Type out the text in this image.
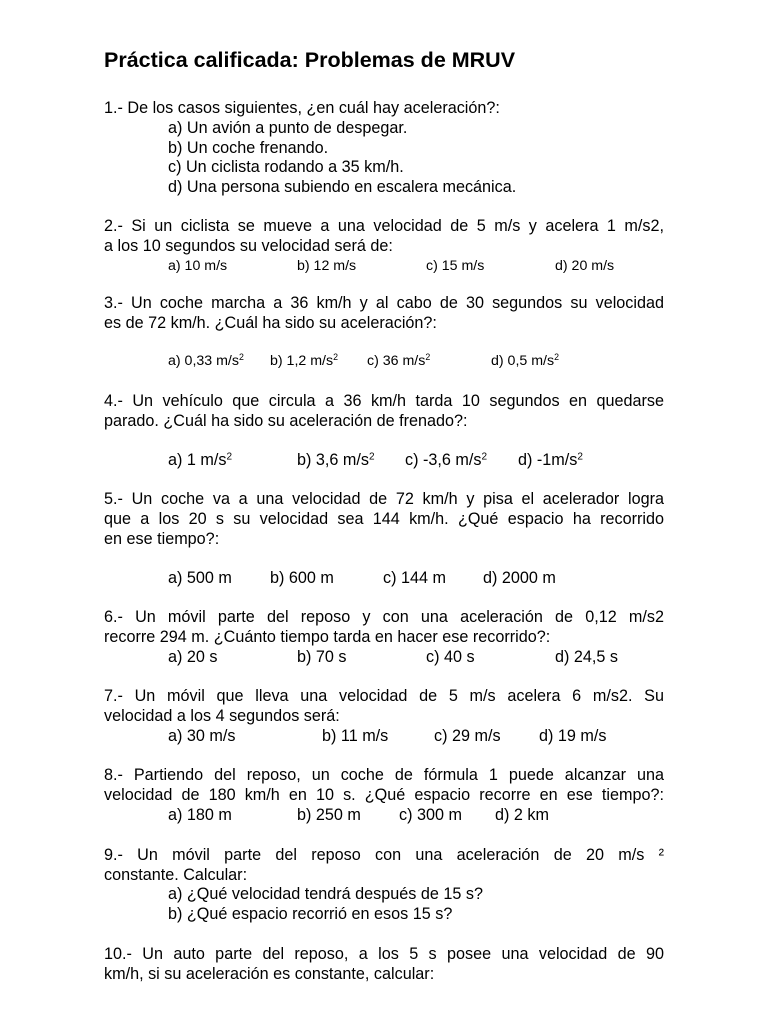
Práctica calificada: Problemas de MRUV
1.- De los casos siguientes, ¿en cuál hay aceleración?:
a) Un avión a punto de despegar.
b) Un coche frenando.
c) Un ciclista rodando a 35 km/h.
d) Una persona subiendo en escalera mecánica.
2.- Si un ciclista se mueve a una velocidad de 5 m/s y acelera 1 m/s2,
a los 10 segundos su velocidad será de:
a) 10 m/s	b) 12 m/s	c) 15 m/s	d) 20 m/s
3.- Un coche marcha a 36 km/h y al cabo de 30 segundos su velocidad
es de 72 km/h. ¿Cuál ha sido su aceleración?:
a) 0,33 $m/s^2$ b) 1,2 $m/s^2$ c) 36 $m/s^2$	d) 0,5 $m/s^2$
4.- Un vehículo que circula a 36 km/h tarda 10 segundos en quedarse
parado. ¿Cuál ha sido su aceleración de frenado?:
a) 1 $m/s^2$	b) 3,6 $m/s^2$ c) -3,6 $m/s^2$ d) $-1m/s^2$
5.- Un coche va a una velocidad de 72 km/h y pisa el acelerador logra
que a los 20 s su velocidad sea 144 km/h. ¿Qué espacio ha recorrido
en ese tiempo?:
a) 500 m b) 600 m	c) 144 m d) 2000 m
6.- Un móvil parte del reposo y con una aceleración de 0,12 m/s2
recorre 294 m. ¿Cuánto tiempo tarda en hacer ese recorrido?:
a) 20 s	b) 70 s	c) 40 s	d) 24,5 s
7.- Un móvil que lleva una velocidad de 5 m/s acelera 6 m/s2. Su
velocidad a los 4 segundos será:
a) 30 m/s	b) 11 m/s	c) 29 m/s d) 19 m/s
8.- Partiendo del reposo, un coche de fórmula 1 puede alcanzar una
velocidad de 180 km/h en 10 s. ¿Qué espacio recorre en ese tiempo?:
a) 180 m	b) 250 m c) 300 m d) 2 km
9.- Un móvil parte del reposo con una aceleración de 20 m/s ²
constante. Calcular:
a) ¿Qué velocidad tendrá después de 15 s?
b) ¿Qué espacio recorrió en esos 15 s?
10.- Un auto parte del reposo, a los 5 s posee una velocidad de 90
km/h, si su aceleración es constante, calcular:
